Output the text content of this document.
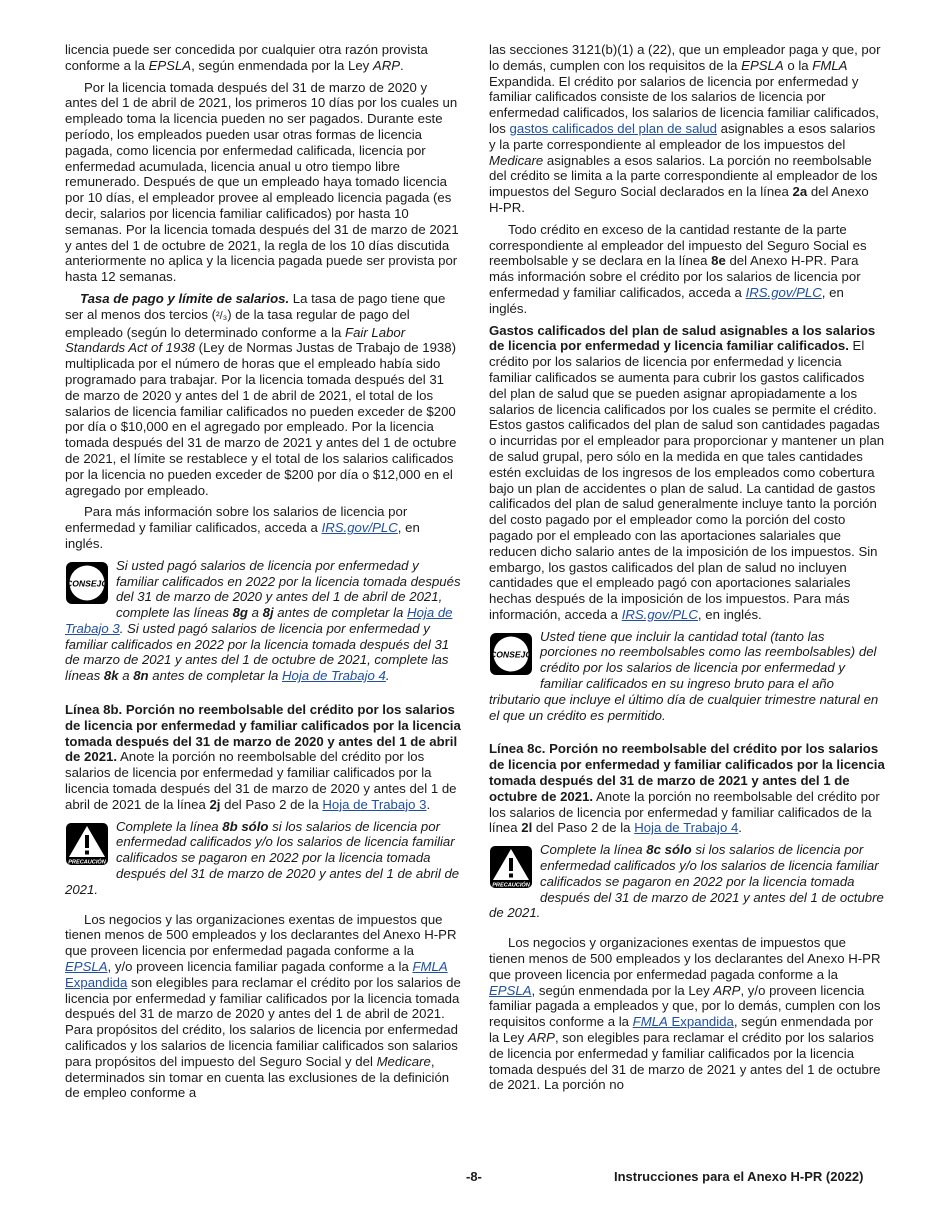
licencia puede ser concedida por cualquier otra razón provista conforme a la EPSLA, según enmendada por la Ley ARP.

Por la licencia tomada después del 31 de marzo de 2020 y antes del 1 de abril de 2021, los primeros 10 días por los cuales un empleado toma la licencia pueden no ser pagados. Durante este período, los empleados pueden usar otras formas de licencia pagada, como licencia por enfermedad calificada, licencia por enfermedad acumulada, licencia anual u otro tiempo libre remunerado. Después de que un empleado haya tomado licencia por 10 días, el empleador provee al empleado licencia pagada (es decir, salarios por licencia familiar calificados) por hasta 10 semanas. Por la licencia tomada después del 31 de marzo de 2021 y antes del 1 de octubre de 2021, la regla de los 10 días discutida anteriormente no aplica y la licencia pagada puede ser provista por hasta 12 semanas.

Tasa de pago y límite de salarios. La tasa de pago tiene que ser al menos dos tercios (²/₃) de la tasa regular de pago del empleado (según lo determinado conforme a la Fair Labor Standards Act of 1938 (Ley de Normas Justas de Trabajo de 1938) multiplicada por el número de horas que el empleado había sido programado para trabajar. Por la licencia tomada después del 31 de marzo de 2020 y antes del 1 de abril de 2021, el total de los salarios de licencia familiar calificados no pueden exceder de $200 por día o $10,000 en el agregado por empleado. Por la licencia tomada después del 31 de marzo de 2021 y antes del 1 de octubre de 2021, el límite se restablece y el total de los salarios calificados por la licencia no pueden exceder de $200 por día o $12,000 en el agregado por empleado.

Para más información sobre los salarios de licencia por enfermedad y familiar calificados, acceda a IRS.gov/PLC, en inglés.

CONSEJO
Si usted pagó salarios de licencia por enfermedad y familiar calificados en 2022 por la licencia tomada después del 31 de marzo de 2020 y antes del 1 de abril de 2021, complete las líneas 8g a 8j antes de completar la Hoja de Trabajo 3. Si usted pagó salarios de licencia por enfermedad y familiar calificados en 2022 por la licencia tomada después del 31 de marzo de 2021 y antes del 1 de octubre de 2021, complete las líneas 8k a 8n antes de completar la Hoja de Trabajo 4.

Línea 8b. Porción no reembolsable del crédito por los salarios de licencia por enfermedad y familiar calificados por la licencia tomada después del 31 de marzo de 2020 y antes del 1 de abril de 2021. Anote la porción no reembolsable del crédito por los salarios de licencia por enfermedad y familiar calificados por la licencia tomada después del 31 de marzo de 2020 y antes del 1 de abril de 2021 de la línea 2j del Paso 2 de la Hoja de Trabajo 3.

PRECAUCIÓN
Complete la línea 8b sólo si los salarios de licencia por enfermedad calificados y/o los salarios de licencia familiar calificados se pagaron en 2022 por la licencia tomada después del 31 de marzo de 2020 y antes del 1 de abril de 2021.

Los negocios y las organizaciones exentas de impuestos que tienen menos de 500 empleados y los declarantes del Anexo H-PR que proveen licencia por enfermedad pagada conforme a la EPSLA, y/o proveen licencia familiar pagada conforme a la FMLA Expandida son elegibles para reclamar el crédito por los salarios de licencia por enfermedad y familiar calificados por la licencia tomada después del 31 de marzo de 2020 y antes del 1 de abril de 2021. Para propósitos del crédito, los salarios de licencia por enfermedad calificados y los salarios de licencia familiar calificados son salarios para propósitos del impuesto del Seguro Social y del Medicare, determinados sin tomar en cuenta las exclusiones de la definición de empleo conforme a

las secciones 3121(b)(1) a (22), que un empleador paga y que, por lo demás, cumplen con los requisitos de la EPSLA o la FMLA Expandida. El crédito por salarios de licencia por enfermedad y familiar calificados consiste de los salarios de licencia por enfermedad calificados, los salarios de licencia familiar calificados, los gastos calificados del plan de salud asignables a esos salarios y la parte correspondiente al empleador de los impuestos del Medicare asignables a esos salarios. La porción no reembolsable del crédito se limita a la parte correspondiente al empleador de los impuestos del Seguro Social declarados en la línea 2a del Anexo H-PR.

Todo crédito en exceso de la cantidad restante de la parte correspondiente al empleador del impuesto del Seguro Social es reembolsable y se declara en la línea 8e del Anexo H-PR. Para más información sobre el crédito por los salarios de licencia por enfermedad y familiar calificados, acceda a IRS.gov/PLC, en inglés.

Gastos calificados del plan de salud asignables a los salarios de licencia por enfermedad y licencia familiar calificados. El crédito por los salarios de licencia por enfermedad y licencia familiar calificados se aumenta para cubrir los gastos calificados del plan de salud que se pueden asignar apropiadamente a los salarios de licencia calificados por los cuales se permite el crédito. Estos gastos calificados del plan de salud son cantidades pagadas o incurridas por el empleador para proporcionar y mantener un plan de salud grupal, pero sólo en la medida en que tales cantidades estén excluidas de los ingresos de los empleados como cobertura bajo un plan de accidentes o plan de salud. La cantidad de gastos calificados del plan de salud generalmente incluye tanto la porción del costo pagado por el empleador como la porción del costo pagado por el empleado con las aportaciones salariales que reducen dicho salario antes de la imposición de los impuestos. Sin embargo, los gastos calificados del plan de salud no incluyen cantidades que el empleado pagó con aportaciones salariales hechas después de la imposición de los impuestos. Para más información, acceda a IRS.gov/PLC, en inglés.

CONSEJO
Usted tiene que incluir la cantidad total (tanto las porciones no reembolsables como las reembolsables) del crédito por los salarios de licencia por enfermedad y familiar calificados en su ingreso bruto para el año tributario que incluye el último día de cualquier trimestre natural en el que un crédito es permitido.

Línea 8c. Porción no reembolsable del crédito por los salarios de licencia por enfermedad y familiar calificados por la licencia tomada después del 31 de marzo de 2021 y antes del 1 de octubre de 2021. Anote la porción no reembolsable del crédito por los salarios de licencia por enfermedad y familiar calificados de la línea 2l del Paso 2 de la Hoja de Trabajo 4.

PRECAUCIÓN
Complete la línea 8c sólo si los salarios de licencia por enfermedad calificados y/o los salarios de licencia familiar calificados se pagaron en 2022 por la licencia tomada después del 31 de marzo de 2021 y antes del 1 de octubre de 2021.

Los negocios y organizaciones exentas de impuestos que tienen menos de 500 empleados y los declarantes del Anexo H-PR que proveen licencia por enfermedad pagada conforme a la EPSLA, según enmendada por la Ley ARP, y/o proveen licencia familiar pagada a empleados y que, por lo demás, cumplen con los requisitos conforme a la FMLA Expandida, según enmendada por la Ley ARP, son elegibles para reclamar el crédito por los salarios de licencia por enfermedad y familiar calificados por la licencia tomada después del 31 de marzo de 2021 y antes del 1 de octubre de 2021. La porción no

-8-	Instrucciones para el Anexo H-PR (2022)
